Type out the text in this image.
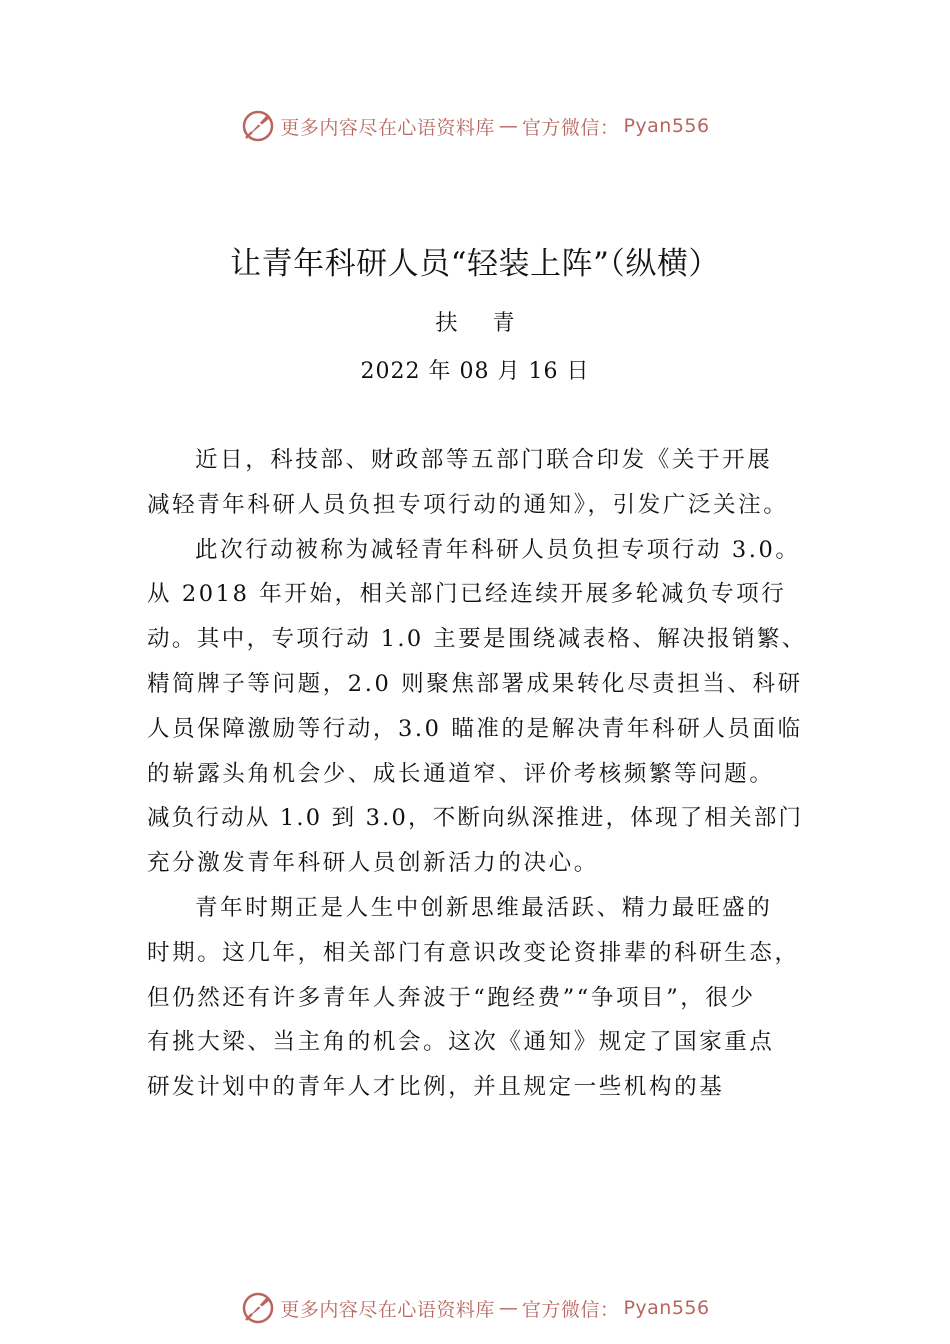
更多内容尽在心语资料库 — 官方微信： Pyan556
让青年科研人员“轻装上阵”（纵横）
扶 青
2022 年 08 月 16 日
近日，科技部、财政部等五部门联合印发《关于开展
减轻青年科研人员负担专项行动的通知》，引发广泛关注。
此次行动被称为减轻青年科研人员负担专项行动 3.0。
从 2018 年开始，相关部门已经连续开展多轮减负专项行
动。其中，专项行动 1.0 主要是围绕减表格、解决报销繁、
精简牌子等问题，2.0 则聚焦部署成果转化尽责担当、科研
人员保障激励等行动，3.0 瞄准的是解决青年科研人员面临
的崭露头角机会少、成长通道窄、评价考核频繁等问题。
减负行动从 1.0 到 3.0，不断向纵深推进，体现了相关部门
充分激发青年科研人员创新活力的决心。
青年时期正是人生中创新思维最活跃、精力最旺盛的
时期。这几年，相关部门有意识改变论资排辈的科研生态，
但仍然还有许多青年人奔波于“跑经费”“争项目”，很少
有挑大梁、当主角的机会。这次《通知》规定了国家重点
研发计划中的青年人才比例，并且规定一些机构的基
更多内容尽在心语资料库 — 官方微信： Pyan556
